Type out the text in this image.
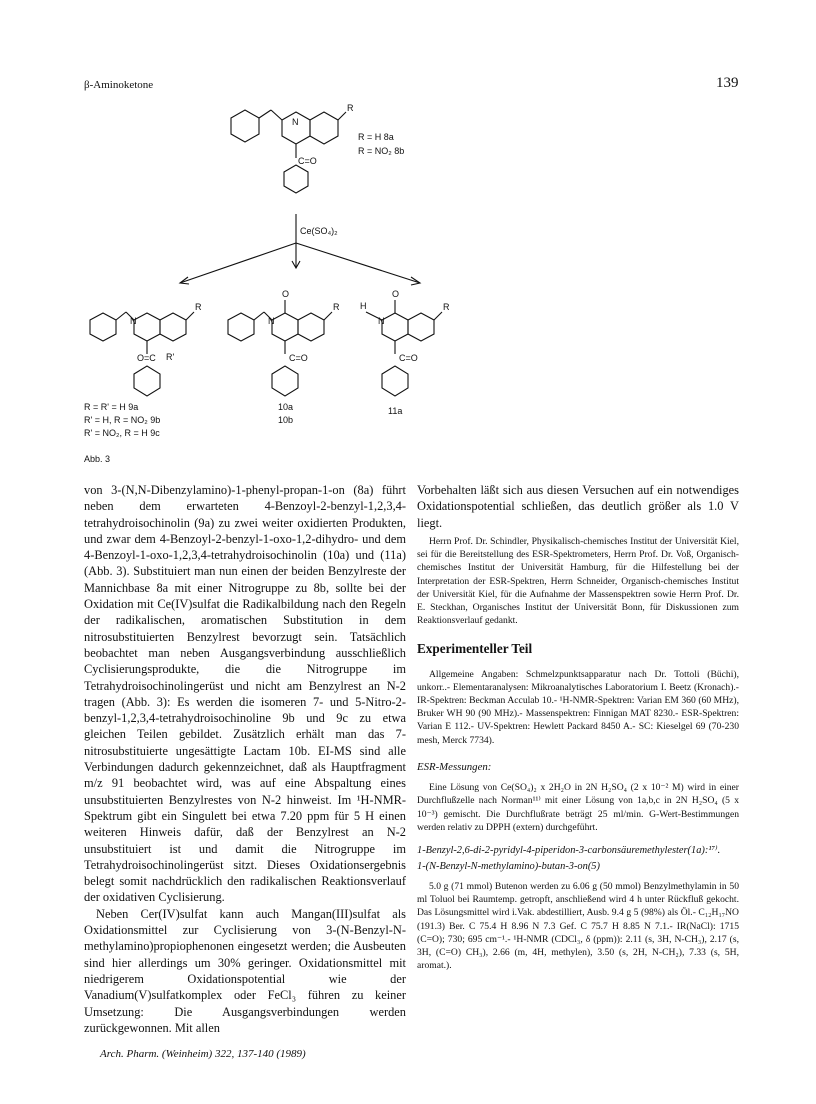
β-Aminoketone	139
R
N
C=O
R = H 8a
R = NO₂ 8b
Ce(SO₄)₂
R
N
O=C R'
R
N
O
C=O
R
H
N
O
C=O
R = R' = H 9a
R' = H, R = NO₂ 9b
R' = NO₂, R = H 9c
10a
10b
11a
Abb. 3

von 3-(N,N-Dibenzylamino)-1-phenyl-propan-1-on (8a) führt neben dem erwarteten 4-Benzoyl-2-benzyl-1,2,3,4-tetrahydroisochinolin (9a) zu zwei weiter oxidierten Produkten, und zwar dem 4-Benzoyl-2-benzyl-1-oxo-1,2-dihydro- und dem 4-Benzoyl-1-oxo-1,2,3,4-tetrahydroisochinolin (10a) und (11a) (Abb. 3). Substituiert man nun einen der beiden Benzylreste der Mannichbase 8a mit einer Nitrogruppe zu 8b, sollte bei der Oxidation mit Ce(IV)sulfat die Radikalbildung nach den Regeln der radikalischen, aromatischen Substitution in dem nitrosubstituierten Benzylrest bevorzugt sein. Tatsächlich beobachtet man neben Ausgangsverbindung ausschließlich Cyclisierungsprodukte, die die Nitrogruppe im Tetrahydroisochinolingerüst und nicht am Benzylrest an N-2 tragen (Abb. 3): Es werden die isomeren 7- und 5-Nitro-2-benzyl-1,2,3,4-tetrahydroisochinoline 9b und 9c zu etwa gleichen Teilen gebildet. Zusätzlich erhält man das 7-nitrosubstituierte ungesättigte Lactam 10b. EI-MS sind alle Verbindungen dadurch gekennzeichnet, daß als Hauptfragment m/z 91 beobachtet wird, was auf eine Abspaltung eines unsubstituierten Benzylrestes von N-2 hinweist. Im ¹H-NMR-Spektrum gibt ein Singulett bei etwa 7.20 ppm für 5 H einen weiteren Hinweis dafür, daß der Benzylrest an N-2 unsubstituiert ist und damit die Nitrogruppe im Tetrahydroisochinolingerüst sitzt. Dieses Oxidationsergebnis belegt somit nachdrücklich den radikalischen Reaktionsverlauf der oxidativen Cyclisierung.

Neben Cer(IV)sulfat kann auch Mangan(III)sulfat als Oxidationsmittel zur Cyclisierung von 3-(N-Benzyl-N-methylamino)propiophenonen eingesetzt werden; die Ausbeuten sind hier allerdings um 30% geringer. Oxidationsmittel mit niedrigerem Oxidationspotential wie der Vanadium(V)sulfatkomplex oder FeCl₃ führen zu keiner Umsetzung: Die Ausgangsverbindungen werden zurückgewonnen. Mit allen

Vorbehalten läßt sich aus diesen Versuchen auf ein notwendiges Oxidationspotential schließen, das deutlich größer als 1.0 V liegt.

Herrn Prof. Dr. Schindler, Physikalisch-chemisches Institut der Universität Kiel, sei für die Bereitstellung des ESR-Spektrometers, Herrn Prof. Dr. Voß, Organisch-chemisches Institut der Universität Hamburg, für die Hilfestellung bei der Interpretation der ESR-Spektren, Herrn Schneider, Organisch-chemisches Institut der Universität Kiel, für die Aufnahme der Massenspektren sowie Herrn Prof. Dr. E. Steckhan, Organisches Institut der Universität Bonn, für Diskussionen zum Reaktionsverlauf gedankt.

Experimenteller Teil

Allgemeine Angaben: Schmelzpunktsapparatur nach Dr. Tottoli (Büchi), unkorr..- Elementaranalysen: Mikroanalytisches Laboratorium I. Beetz (Kronach).- IR-Spektren: Beckman Acculab 10.- ¹H-NMR-Spektren: Varian EM 360 (60 MHz), Bruker WH 90 (90 MHz).- Massenspektren: Finnigan MAT 8230.- ESR-Spektren: Varian E 112.- UV-Spektren: Hewlett Packard 8450 A.- SC: Kieselgel 69 (70-230 mesh, Merck 7734).

ESR-Messungen:

Eine Lösung von Ce(SO₄)₂ x 2H₂O in 2N H₂SO₄ (2 x 10⁻² M) wird in einer Durchflußzelle nach Norman¹¹⁾ mit einer Lösung von 1a,b,c in 2N H₂SO₄ (5 x 10⁻³) gemischt. Die Durchflußrate beträgt 25 ml/min. G-Wert-Bestimmungen werden relativ zu DPPH (extern) durchgeführt.

1-Benzyl-2,6-di-2-pyridyl-4-piperidon-3-carbonsäuremethylester(1a):¹⁷⁾.
1-(N-Benzyl-N-methylamino)-butan-3-on(5)

5.0 g (71 mmol) Butenon werden zu 6.06 g (50 mmol) Benzylmethylamin in 50 ml Toluol bei Raumtemp. getropft, anschließend wird 4 h unter Rückfluß gekocht. Das Lösungsmittel wird i.Vak. abdestilliert, Ausb. 9.4 g 5 (98%) als Öl.- C₁₂H₁₇NO (191.3) Ber. C 75.4 H 8.96 N 7.3 Gef. C 75.7 H 8.85 N 7.1.- IR(NaCl): 1715 (C=O); 730; 695 cm⁻¹.- ¹H-NMR (CDCl₃, δ (ppm)): 2.11 (s, 3H, N-CH₃), 2.17 (s, 3H, (C=O) CH₃), 2.66 (m, 4H, methylen), 3.50 (s, 2H, N-CH₂), 7.33 (s, 5H, aromat.).

Arch. Pharm. (Weinheim) 322, 137-140 (1989)
